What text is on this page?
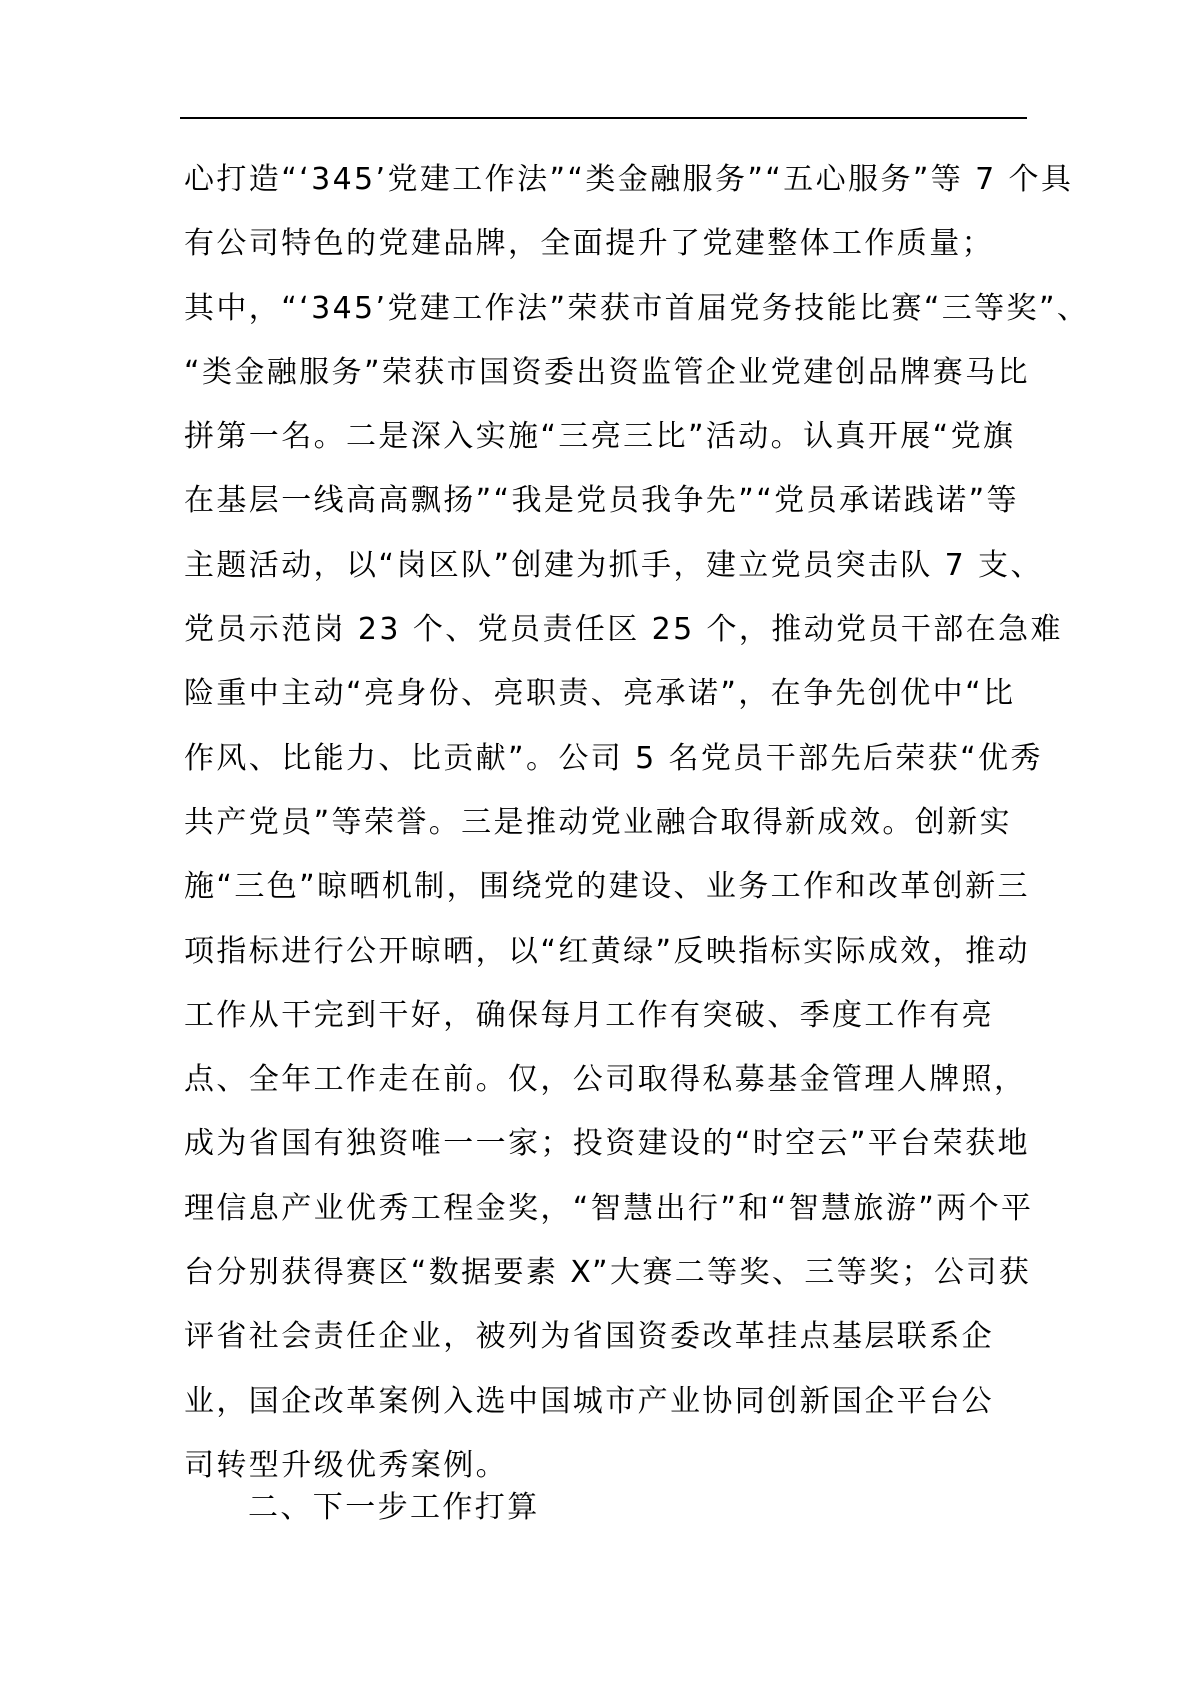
心打造“‘345’党建工作法”“类金融服务”“五心服务”等 7 个具
有公司特色的党建品牌，全面提升了党建整体工作质量；
其中，“‘345’党建工作法”荣获市首届党务技能比赛“三等奖”、
“类金融服务”荣获市国资委出资监管企业党建创品牌赛马比
拼第一名。二是深入实施“三亮三比”活动。认真开展“党旗
在基层一线高高飘扬”“我是党员我争先”“党员承诺践诺”等
主题活动，以“岗区队”创建为抓手，建立党员突击队 7 支、
党员示范岗 23 个、党员责任区 25 个，推动党员干部在急难
险重中主动“亮身份、亮职责、亮承诺”，在争先创优中“比
作风、比能力、比贡献”。公司 5 名党员干部先后荣获“优秀
共产党员”等荣誉。三是推动党业融合取得新成效。创新实
施“三色”晾晒机制，围绕党的建设、业务工作和改革创新三
项指标进行公开晾晒，以“红黄绿”反映指标实际成效，推动
工作从干完到干好，确保每月工作有突破、季度工作有亮
点、全年工作走在前。仅，公司取得私募基金管理人牌照，
成为省国有独资唯一一家；投资建设的“时空云”平台荣获地
理信息产业优秀工程金奖，“智慧出行”和“智慧旅游”两个平
台分别获得赛区“数据要素 X”大赛二等奖、三等奖；公司获
评省社会责任企业，被列为省国资委改革挂点基层联系企
业，国企改革案例入选中国城市产业协同创新国企平台公
司转型升级优秀案例。
二、下一步工作打算
